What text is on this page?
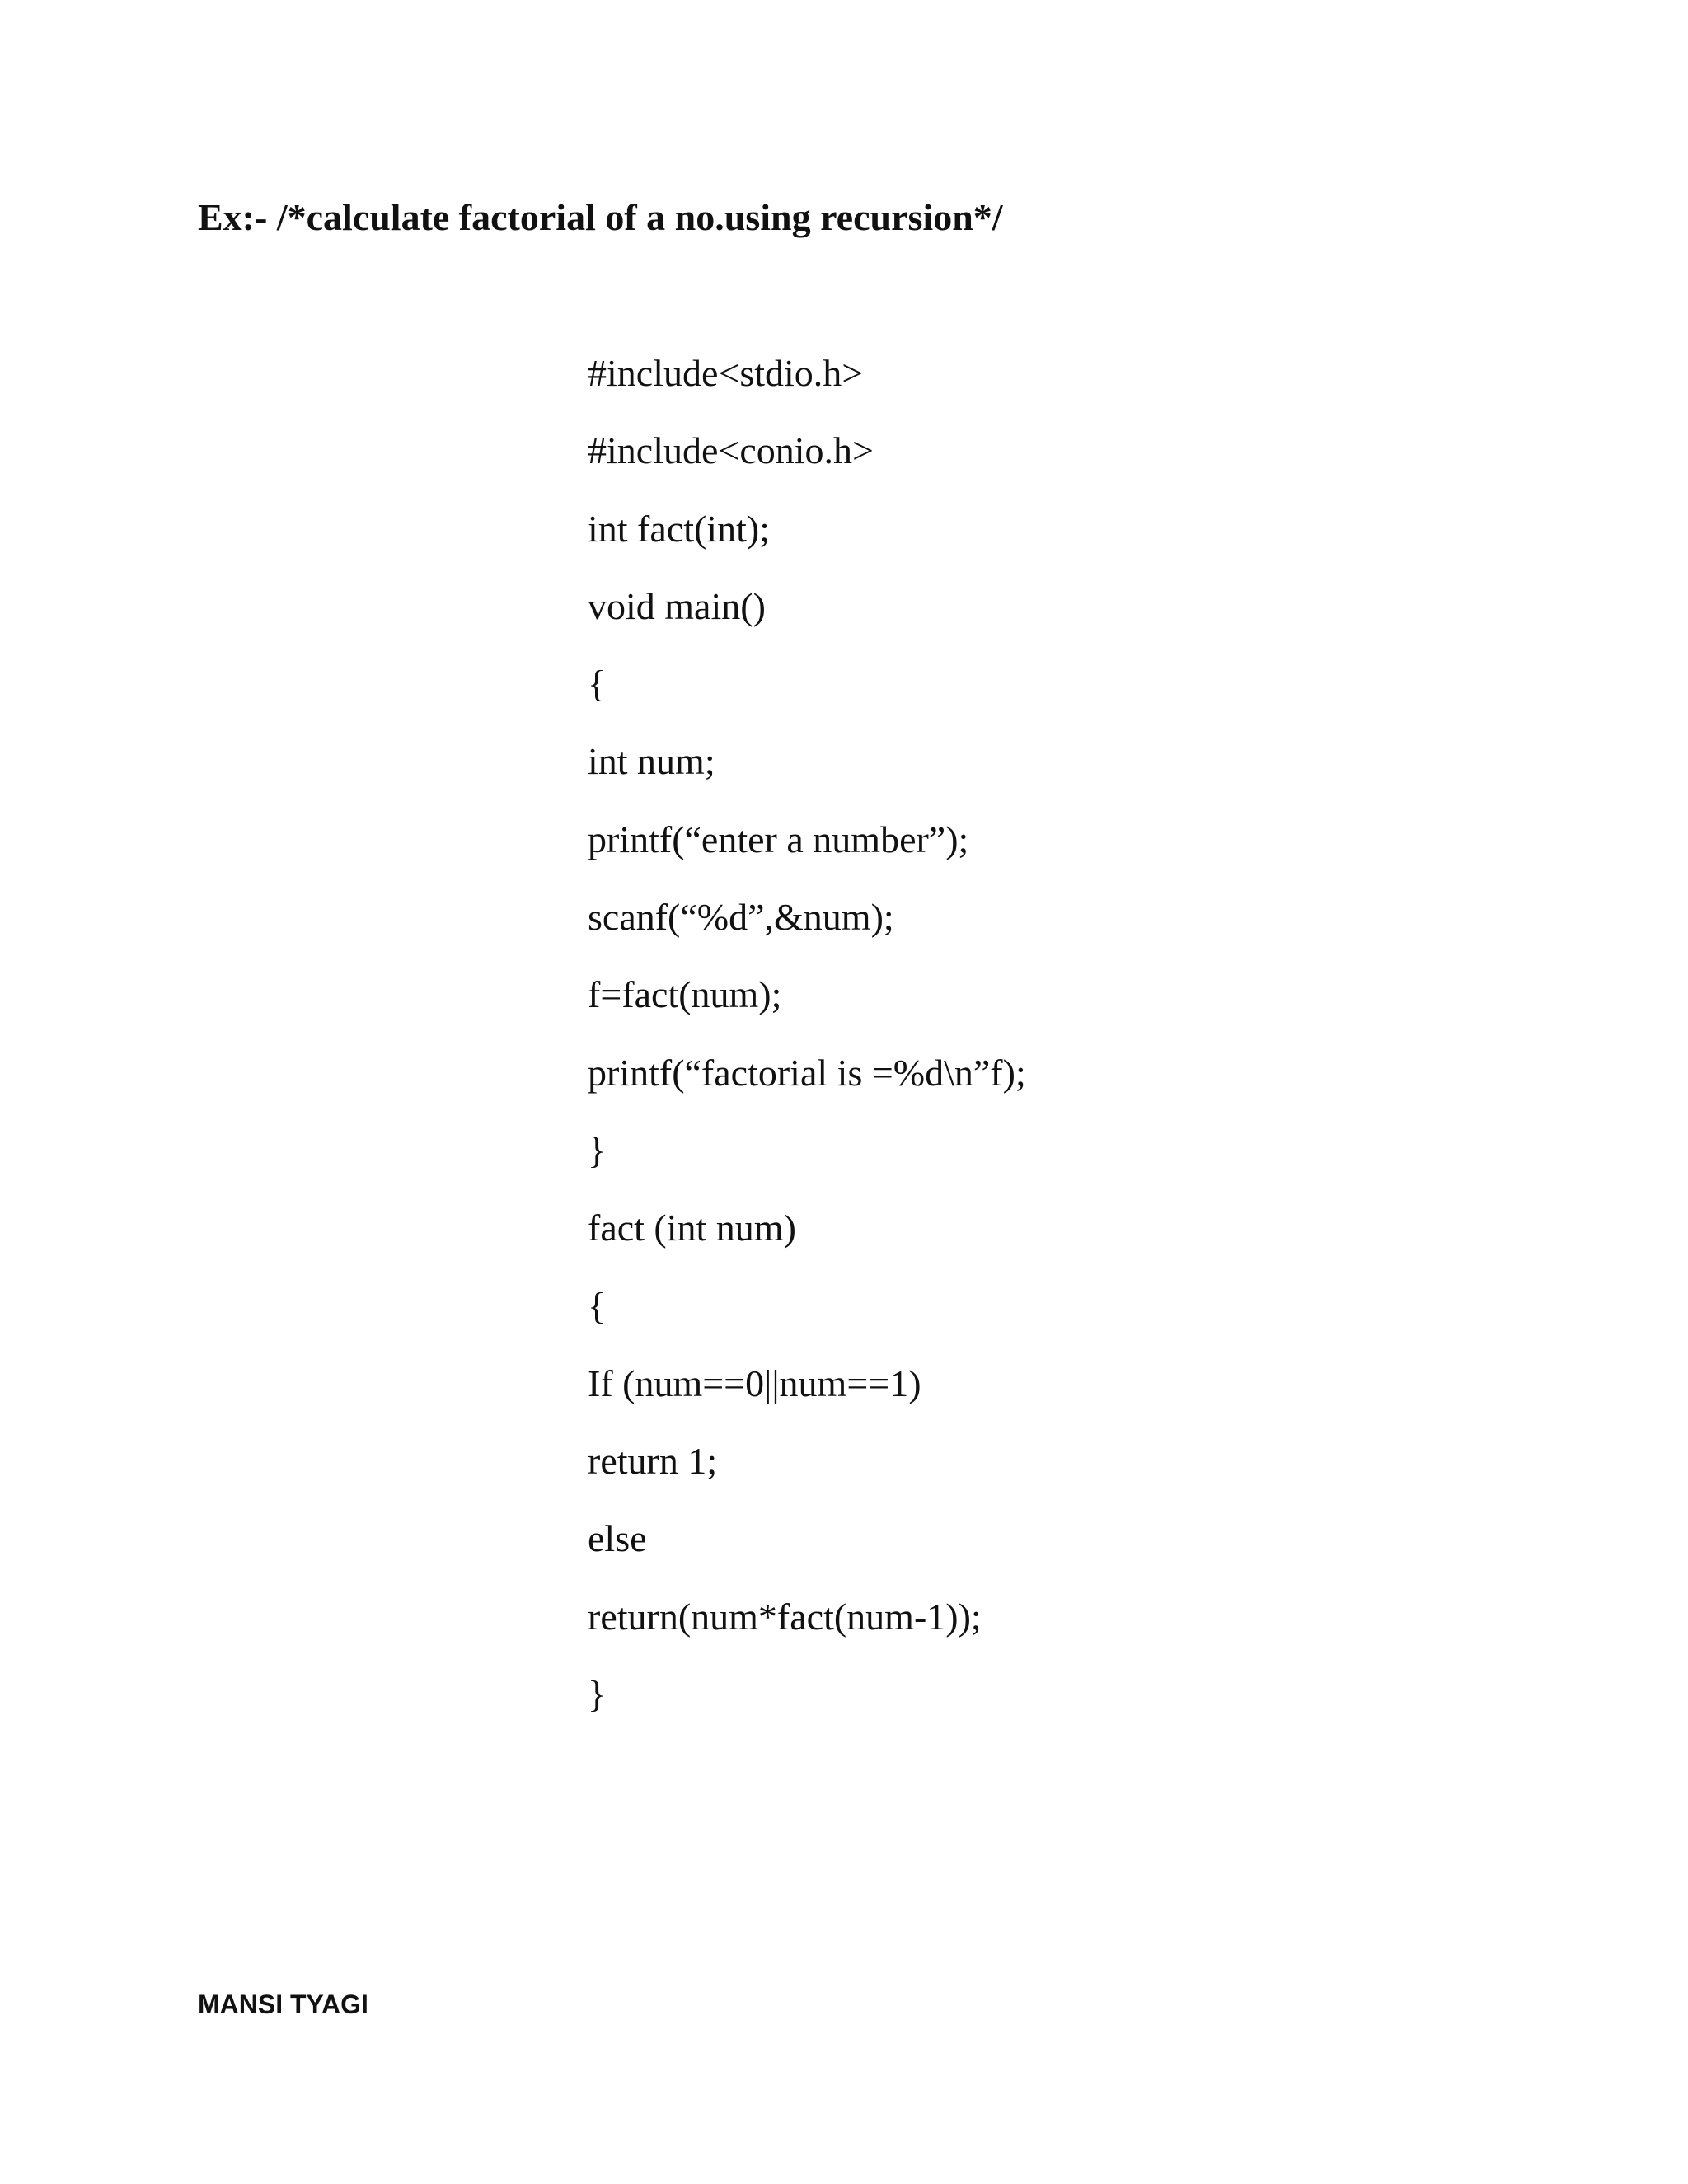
Ex:- /*calculate factorial of a no.using recursion*/
#include<stdio.h>
#include<conio.h>
int fact(int);
void main()
{
int num;
printf(“enter a number”);
scanf(“%d”,&num);
f=fact(num);
printf(“factorial is =%d\n”f);
}
fact (int num)
{
If (num==0||num==1)
return 1;
else
return(num*fact(num-1));
}
MANSI TYAGI
